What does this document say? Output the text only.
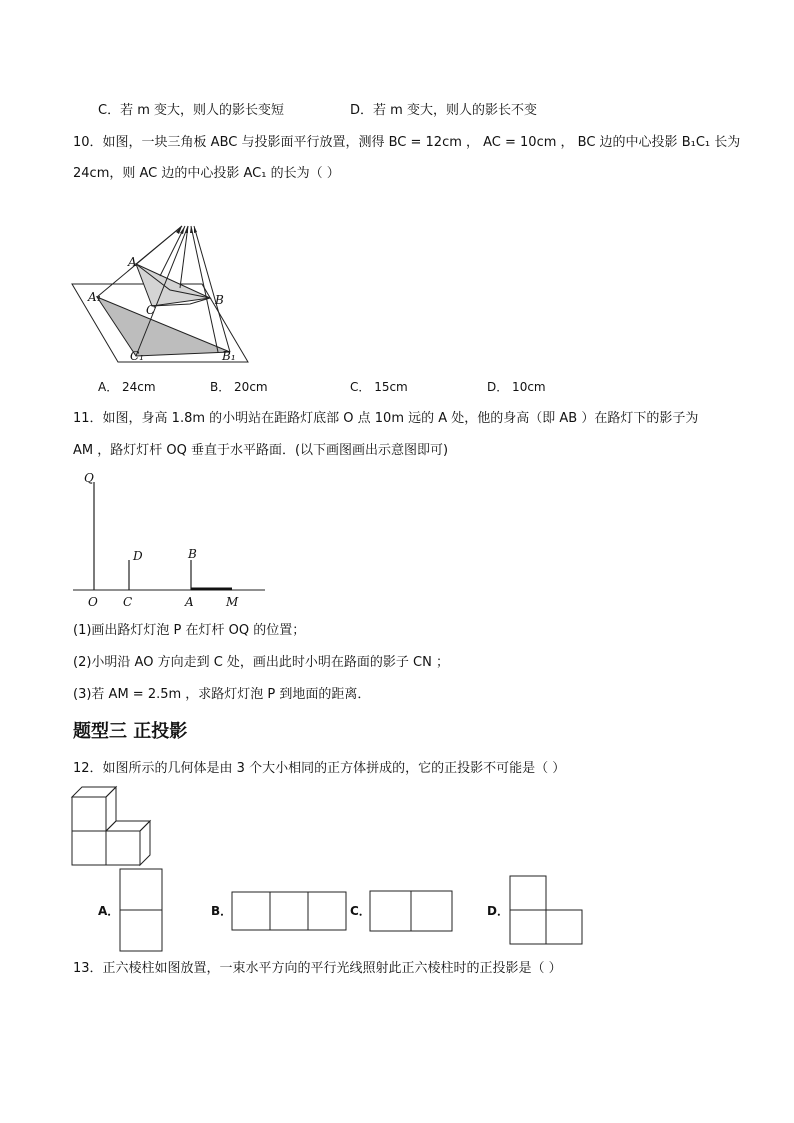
C．若 m 变大，则人的影长变短	D．若 m 变大，则人的影长不变
10．如图，一块三角板 ABC 与投影面平行放置，测得 BC = 12cm ， AC = 10cm ， BC 边的中心投影 B₁C₁ 长为
24cm，则 AC 边的中心投影 AC₁ 的长为（ ）
A
A₁	B
C
C₁	B₁
A． 24cm	B． 20cm	C． 15cm	D． 10cm
11．如图，身高 1.8m 的小明站在距路灯底部 O 点 10m 远的 A 处，他的身高（即 AB ）在路灯下的影子为
AM ，路灯灯杆 OQ 垂直于水平路面．(以下画图画出示意图即可)
Q
D	B
O C	A	M
(1)画出路灯灯泡 P 在灯杆 OQ 的位置；
(2)小明沿 AO 方向走到 C 处，画出此时小明在路面的影子 CN ；
(3)若 AM = 2.5m ，求路灯灯泡 P 到地面的距离．
题型三 正投影
12．如图所示的几何体是由 3 个大小相同的正方体拼成的，它的正投影不可能是（ ）
A．	B．	C．	D．
13．正六棱柱如图放置，一束水平方向的平行光线照射此正六棱柱时的正投影是（ ）
